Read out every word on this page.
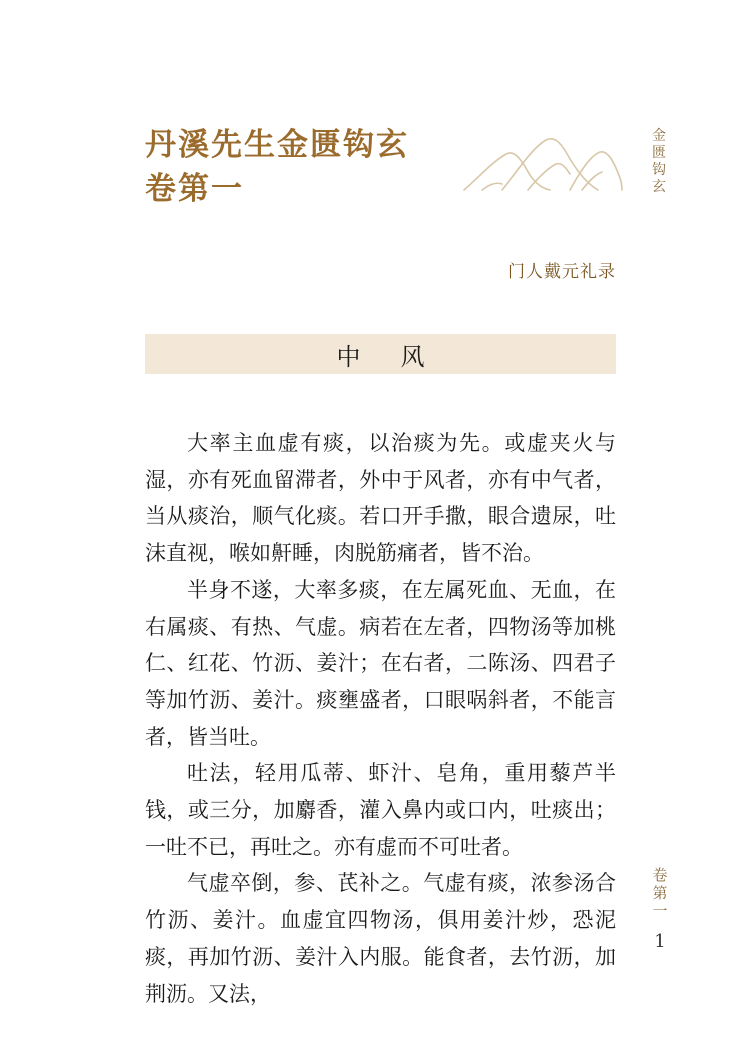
丹溪先生金匮钩玄
卷第一
金匮钩玄
门人戴元礼录
中风

大率主血虚有痰，以治痰为先。或虚夹火与湿，亦有死血留滞者，外中于风者，亦有中气者，当从痰治，顺气化痰。若口开手撒，眼合遗尿，吐沫直视，喉如鼾睡，肉脱筋痛者，皆不治。

半身不遂，大率多痰，在左属死血、无血，在右属痰、有热、气虚。病若在左者，四物汤等加桃仁、红花、竹沥、姜汁；在右者，二陈汤、四君子等加竹沥、姜汁。痰壅盛者，口眼㖞斜者，不能言者，皆当吐。

吐法，轻用瓜蒂、虾汁、皂角，重用藜芦半钱，或三分，加麝香，灌入鼻内或口内，吐痰出；一吐不已，再吐之。亦有虚而不可吐者。

气虚卒倒，参、芪补之。气虚有痰，浓参汤合竹沥、姜汁。血虚宜四物汤，俱用姜汁炒，恐泥痰，再加竹沥、姜汁入内服。能食者，去竹沥，加荆沥。又法，

卷第一
1
